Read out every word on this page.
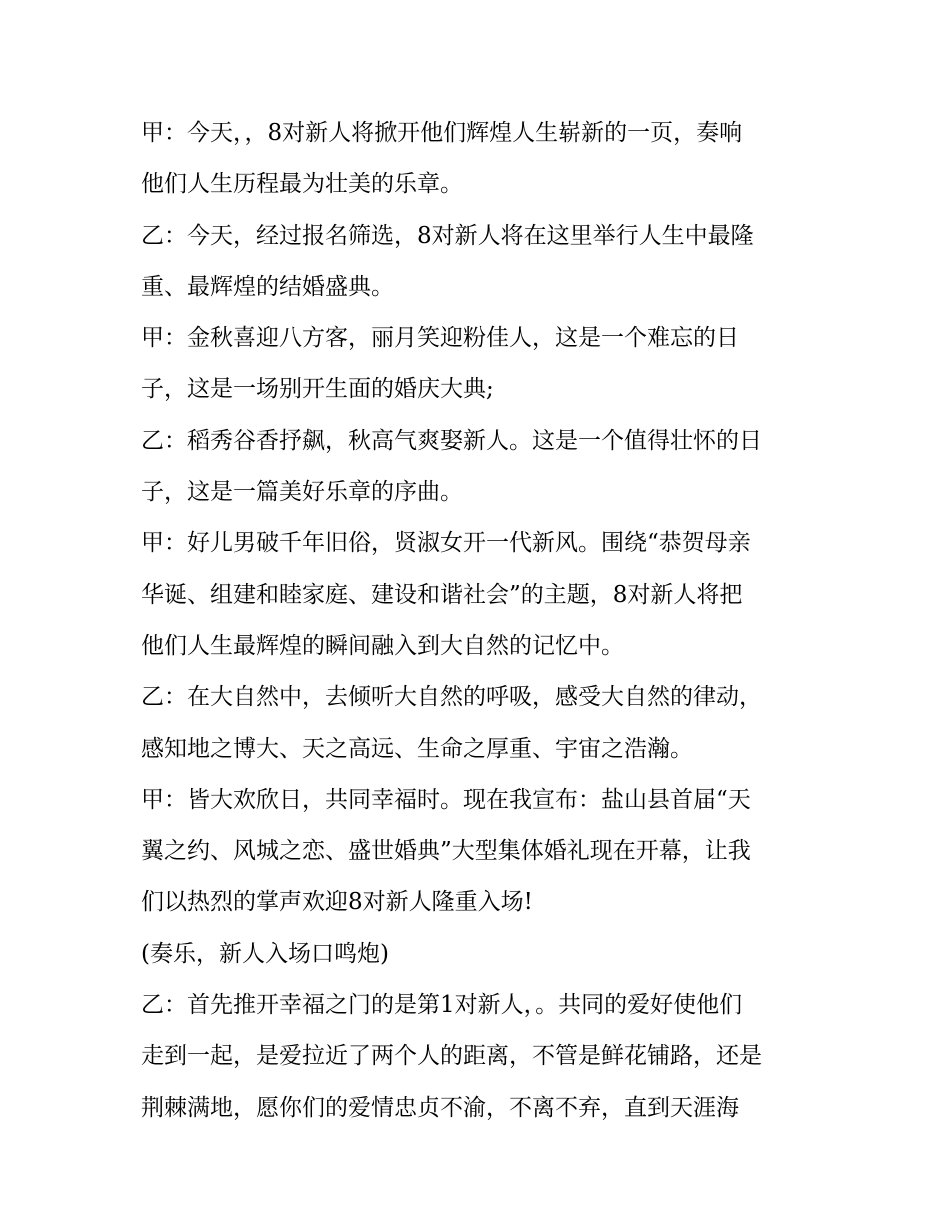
甲：今天，，8对新人将掀开他们辉煌人生崭新的一页，奏响
他们人生历程最为壮美的乐章。
乙：今天，经过报名筛选，8对新人将在这里举行人生中最隆
重、最辉煌的结婚盛典。
甲：金秋喜迎八方客，丽月笑迎粉佳人，这是一个难忘的日
子，这是一场别开生面的婚庆大典;
乙：稻秀谷香抒飙，秋高气爽娶新人。这是一个值得壮怀的日
子，这是一篇美好乐章的序曲。
甲：好儿男破千年旧俗，贤淑女开一代新风。围绕“恭贺母亲
华诞、组建和睦家庭、建设和谐社会”的主题，8对新人将把
他们人生最辉煌的瞬间融入到大自然的记忆中。
乙：在大自然中，去倾听大自然的呼吸，感受大自然的律动，
感知地之博大、天之高远、生命之厚重、宇宙之浩瀚。
甲：皆大欢欣日，共同幸福时。现在我宣布：盐山县首届“天
翼之约、风城之恋、盛世婚典”大型集体婚礼现在开幕，让我
们以热烈的掌声欢迎8对新人隆重入场!
(奏乐，新人入场口鸣炮)
乙：首先推开幸福之门的是第1对新人，。共同的爱好使他们
走到一起，是爱拉近了两个人的距离，不管是鲜花铺路，还是
荆棘满地，愿你们的爱情忠贞不渝，不离不弃，直到天涯海
